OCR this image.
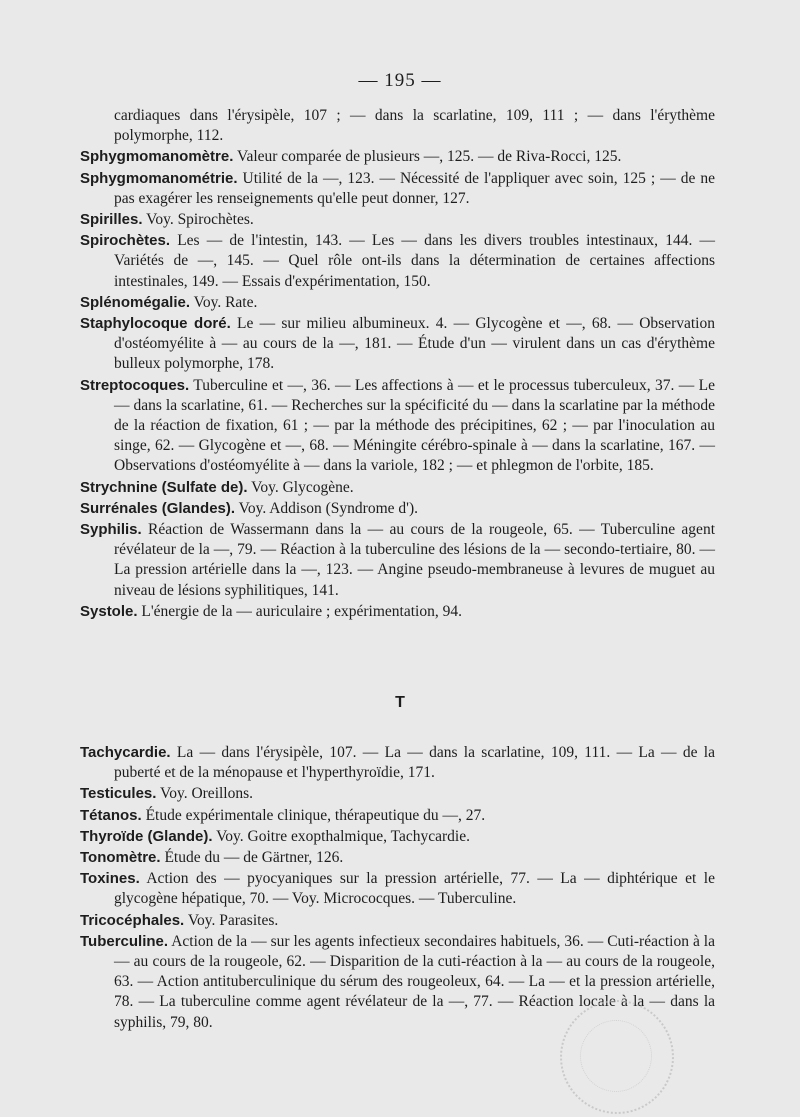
— 195 —

cardiaques dans l'érysipèle, 107 ; — dans la scarlatine, 109, 111 ; — dans l'érythème polymorphe, 112.

Sphygmomanomètre. Valeur comparée de plusieurs —, 125. — de Riva-Rocci, 125.

Sphygmomanométrie. Utilité de la —, 123. — Nécessité de l'appliquer avec soin, 125 ; — de ne pas exagérer les renseignements qu'elle peut donner, 127.

Spirilles. Voy. Spirochètes.

Spirochètes. Les — de l'intestin, 143. — Les — dans les divers troubles intestinaux, 144. — Variétés de —, 145. — Quel rôle ont-ils dans la détermination de certaines affections intestinales, 149. — Essais d'expérimentation, 150.

Splénomégalie. Voy. Rate.

Staphylocoque doré. Le — sur milieu albumineux. 4. — Glycogène et —, 68. — Observation d'ostéomyélite à — au cours de la —, 181. — Étude d'un — virulent dans un cas d'érythème bulleux polymorphe, 178.

Streptocoques. Tuberculine et —, 36. — Les affections à — et le processus tuberculeux, 37. — Le — dans la scarlatine, 61. — Recherches sur la spécificité du — dans la scarlatine par la méthode de la réaction de fixation, 61 ; — par la méthode des précipitines, 62 ; — par l'inoculation au singe, 62. — Glycogène et —, 68. — Méningite cérébro-spinale à — dans la scarlatine, 167. — Observations d'ostéomyélite à — dans la variole, 182 ; — et phlegmon de l'orbite, 185.

Strychnine (Sulfate de). Voy. Glycogène.

Surrénales (Glandes). Voy. Addison (Syndrome d').

Syphilis. Réaction de Wassermann dans la — au cours de la rougeole, 65. — Tuberculine agent révélateur de la —, 79. — Réaction à la tuberculine des lésions de la — secondo-tertiaire, 80. — La pression artérielle dans la —, 123. — Angine pseudo-membraneuse à levures de muguet au niveau de lésions syphilitiques, 141.

Systole. L'énergie de la — auriculaire ; expérimentation, 94.

T

Tachycardie. La — dans l'érysipèle, 107. — La — dans la scarlatine, 109, 111. — La — de la puberté et de la ménopause et l'hyperthyroïdie, 171.

Testicules. Voy. Oreillons.

Tétanos. Étude expérimentale clinique, thérapeutique du —, 27.

Thyroïde (Glande). Voy. Goitre exopthalmique, Tachycardie.

Tonomètre. Étude du — de Gärtner, 126.

Toxines. Action des — pyocyaniques sur la pression artérielle, 77. — La — diphtérique et le glycogène hépatique, 70. — Voy. Micrococques. — Tuberculine.

Tricocéphales. Voy. Parasites.

Tuberculine. Action de la — sur les agents infectieux secondaires habituels, 36. — Cuti-réaction à la — au cours de la rougeole, 62. — Disparition de la cuti-réaction à la — au cours de la rougeole, 63. — Action antituberculinique du sérum des rougeoleux, 64. — La — et la pression artérielle, 78. — La tuberculine comme agent révélateur de la —, 77. — Réaction locale à la — dans la syphilis, 79, 80.
